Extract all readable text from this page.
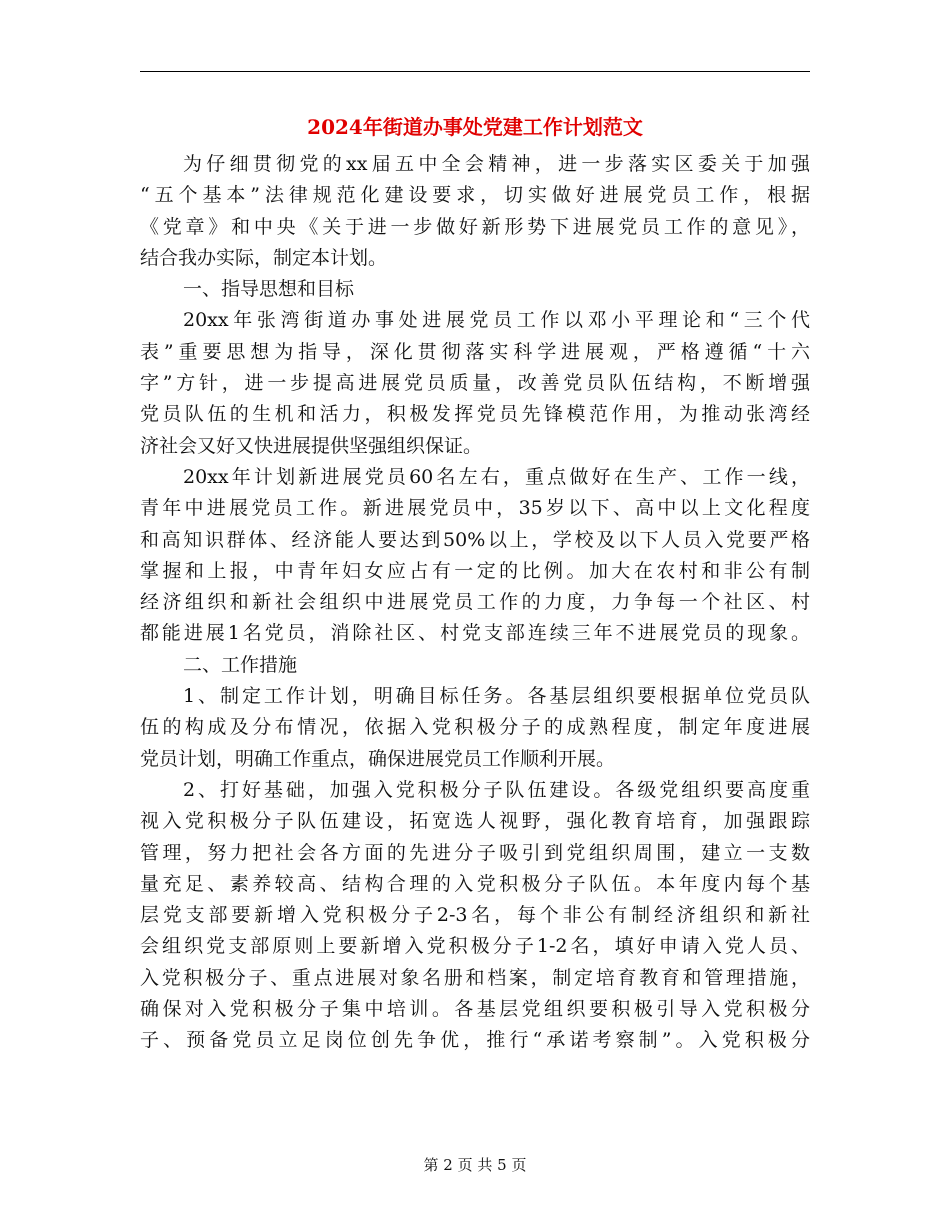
2024年街道办事处党建工作计划范文
为仔细贯彻党的xx届五中全会精神，进一步落实区委关于加强
“五个基本”法律规范化建设要求，切实做好进展党员工作，根据
《党章》和中央《关于进一步做好新形势下进展党员工作的意见》，
结合我办实际，制定本计划。
一、指导思想和目标
20xx年张湾街道办事处进展党员工作以邓小平理论和“三个代
表”重要思想为指导，深化贯彻落实科学进展观，严格遵循“十六
字”方针，进一步提高进展党员质量，改善党员队伍结构，不断增强
党员队伍的生机和活力，积极发挥党员先锋模范作用，为推动张湾经
济社会又好又快进展提供坚强组织保证。
20xx年计划新进展党员60名左右，重点做好在生产、工作一线，
青年中进展党员工作。新进展党员中，35岁以下、高中以上文化程度
和高知识群体、经济能人要达到50%以上，学校及以下人员入党要严格
掌握和上报，中青年妇女应占有一定的比例。加大在农村和非公有制
经济组织和新社会组织中进展党员工作的力度，力争每一个社区、村
都能进展1名党员，消除社区、村党支部连续三年不进展党员的现象。
二、工作措施
1、制定工作计划，明确目标任务。各基层组织要根据单位党员队
伍的构成及分布情况，依据入党积极分子的成熟程度，制定年度进展
党员计划，明确工作重点，确保进展党员工作顺利开展。
2、打好基础，加强入党积极分子队伍建设。各级党组织要高度重
视入党积极分子队伍建设，拓宽选人视野，强化教育培育，加强跟踪
管理，努力把社会各方面的先进分子吸引到党组织周围，建立一支数
量充足、素养较高、结构合理的入党积极分子队伍。本年度内每个基
层党支部要新增入党积极分子2-3名，每个非公有制经济组织和新社
会组织党支部原则上要新增入党积极分子1-2名，填好申请入党人员、
入党积极分子、重点进展对象名册和档案，制定培育教育和管理措施，
确保对入党积极分子集中培训。各基层党组织要积极引导入党积极分
子、预备党员立足岗位创先争优，推行“承诺考察制”。入党积极分
第 2 页 共 5 页
